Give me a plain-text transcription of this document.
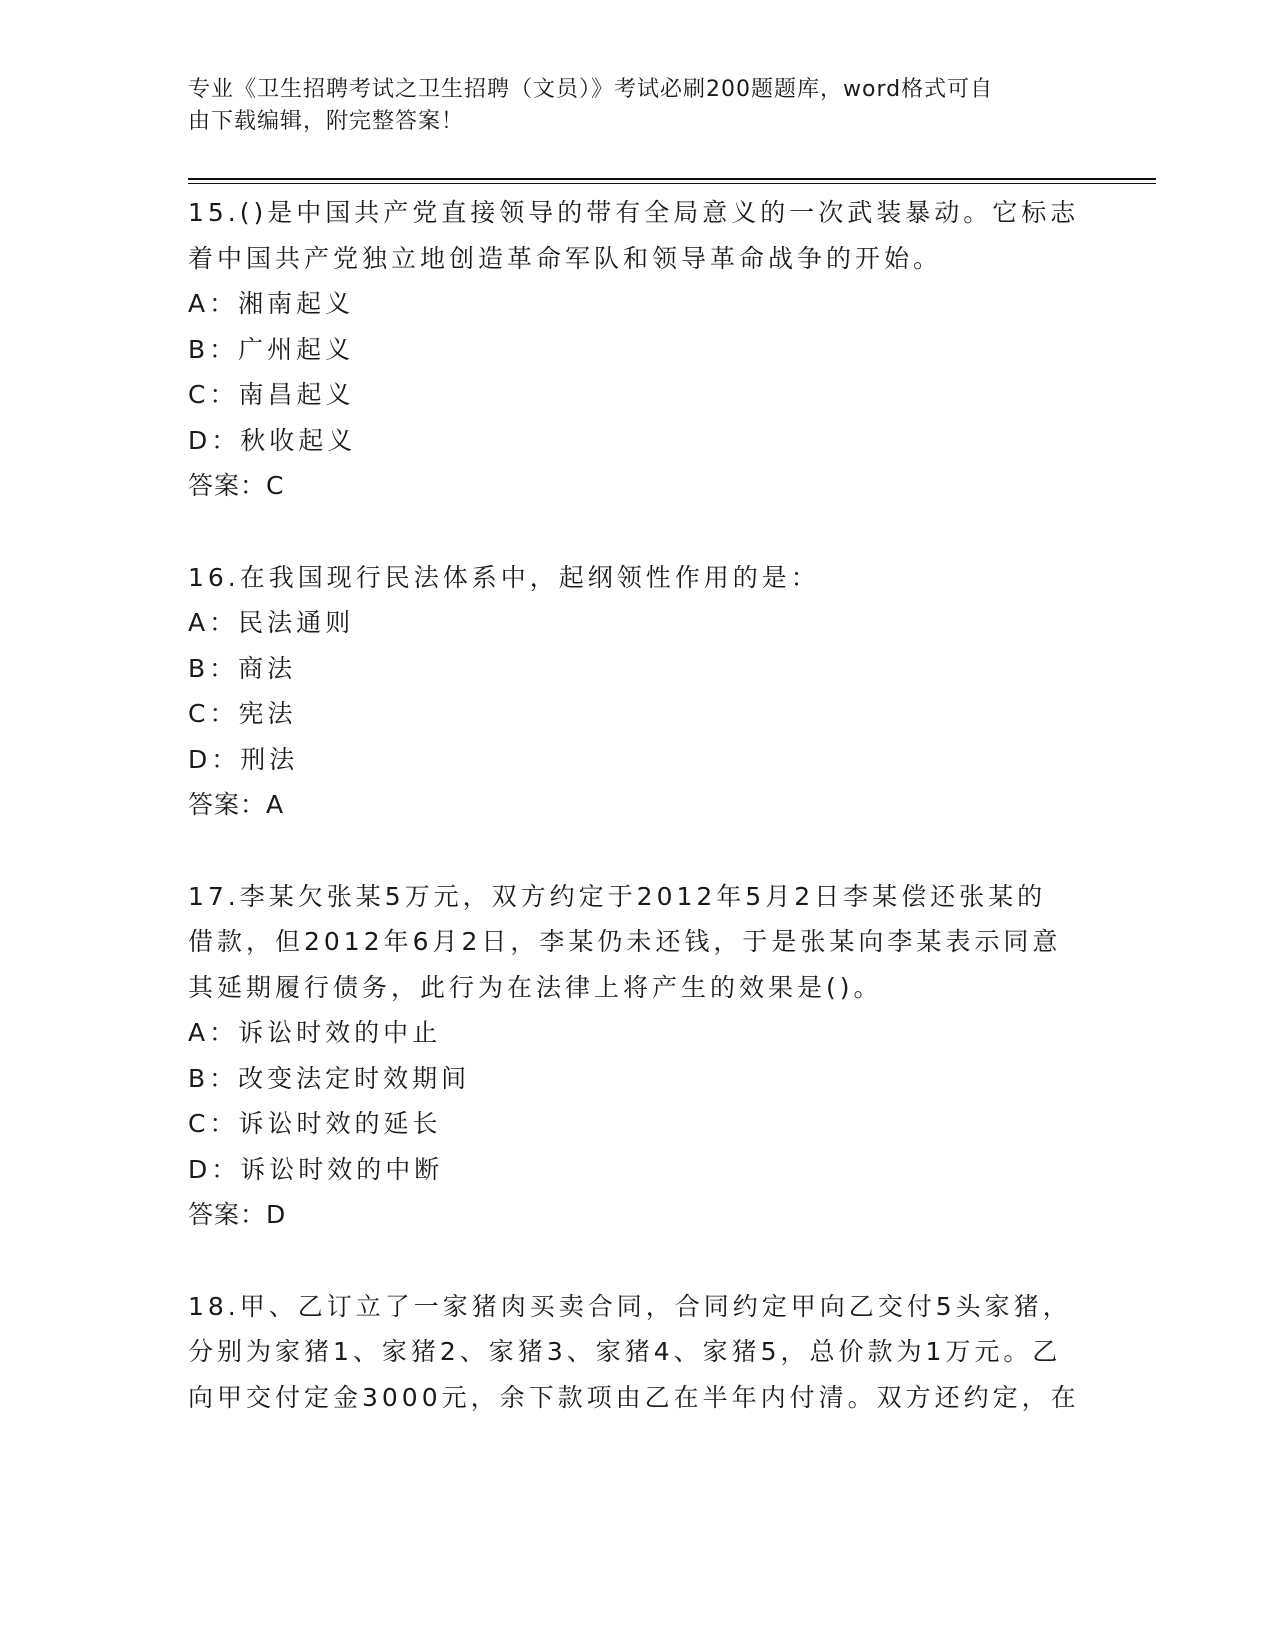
专业《卫生招聘考试之卫生招聘（文员）》考试必刷200题题库，word格式可自
由下载编辑，附完整答案！
15.()是中国共产党直接领导的带有全局意义的一次武装暴动。它标志
着中国共产党独立地创造革命军队和领导革命战争的开始。
A：湘南起义
B：广州起义
C：南昌起义
D：秋收起义
答案：C
16.在我国现行民法体系中，起纲领性作用的是：
A：民法通则
B：商法
C：宪法
D：刑法
答案：A
17.李某欠张某5万元，双方约定于2012年5月2日李某偿还张某的
借款，但2012年6月2日，李某仍未还钱，于是张某向李某表示同意
其延期履行债务，此行为在法律上将产生的效果是()。
A：诉讼时效的中止
B：改变法定时效期间
C：诉讼时效的延长
D：诉讼时效的中断
答案：D
18.甲、乙订立了一家猪肉买卖合同，合同约定甲向乙交付5头家猪，
分别为家猪1、家猪2、家猪3、家猪4、家猪5，总价款为1万元。乙
向甲交付定金3000元，余下款项由乙在半年内付清。双方还约定，在
